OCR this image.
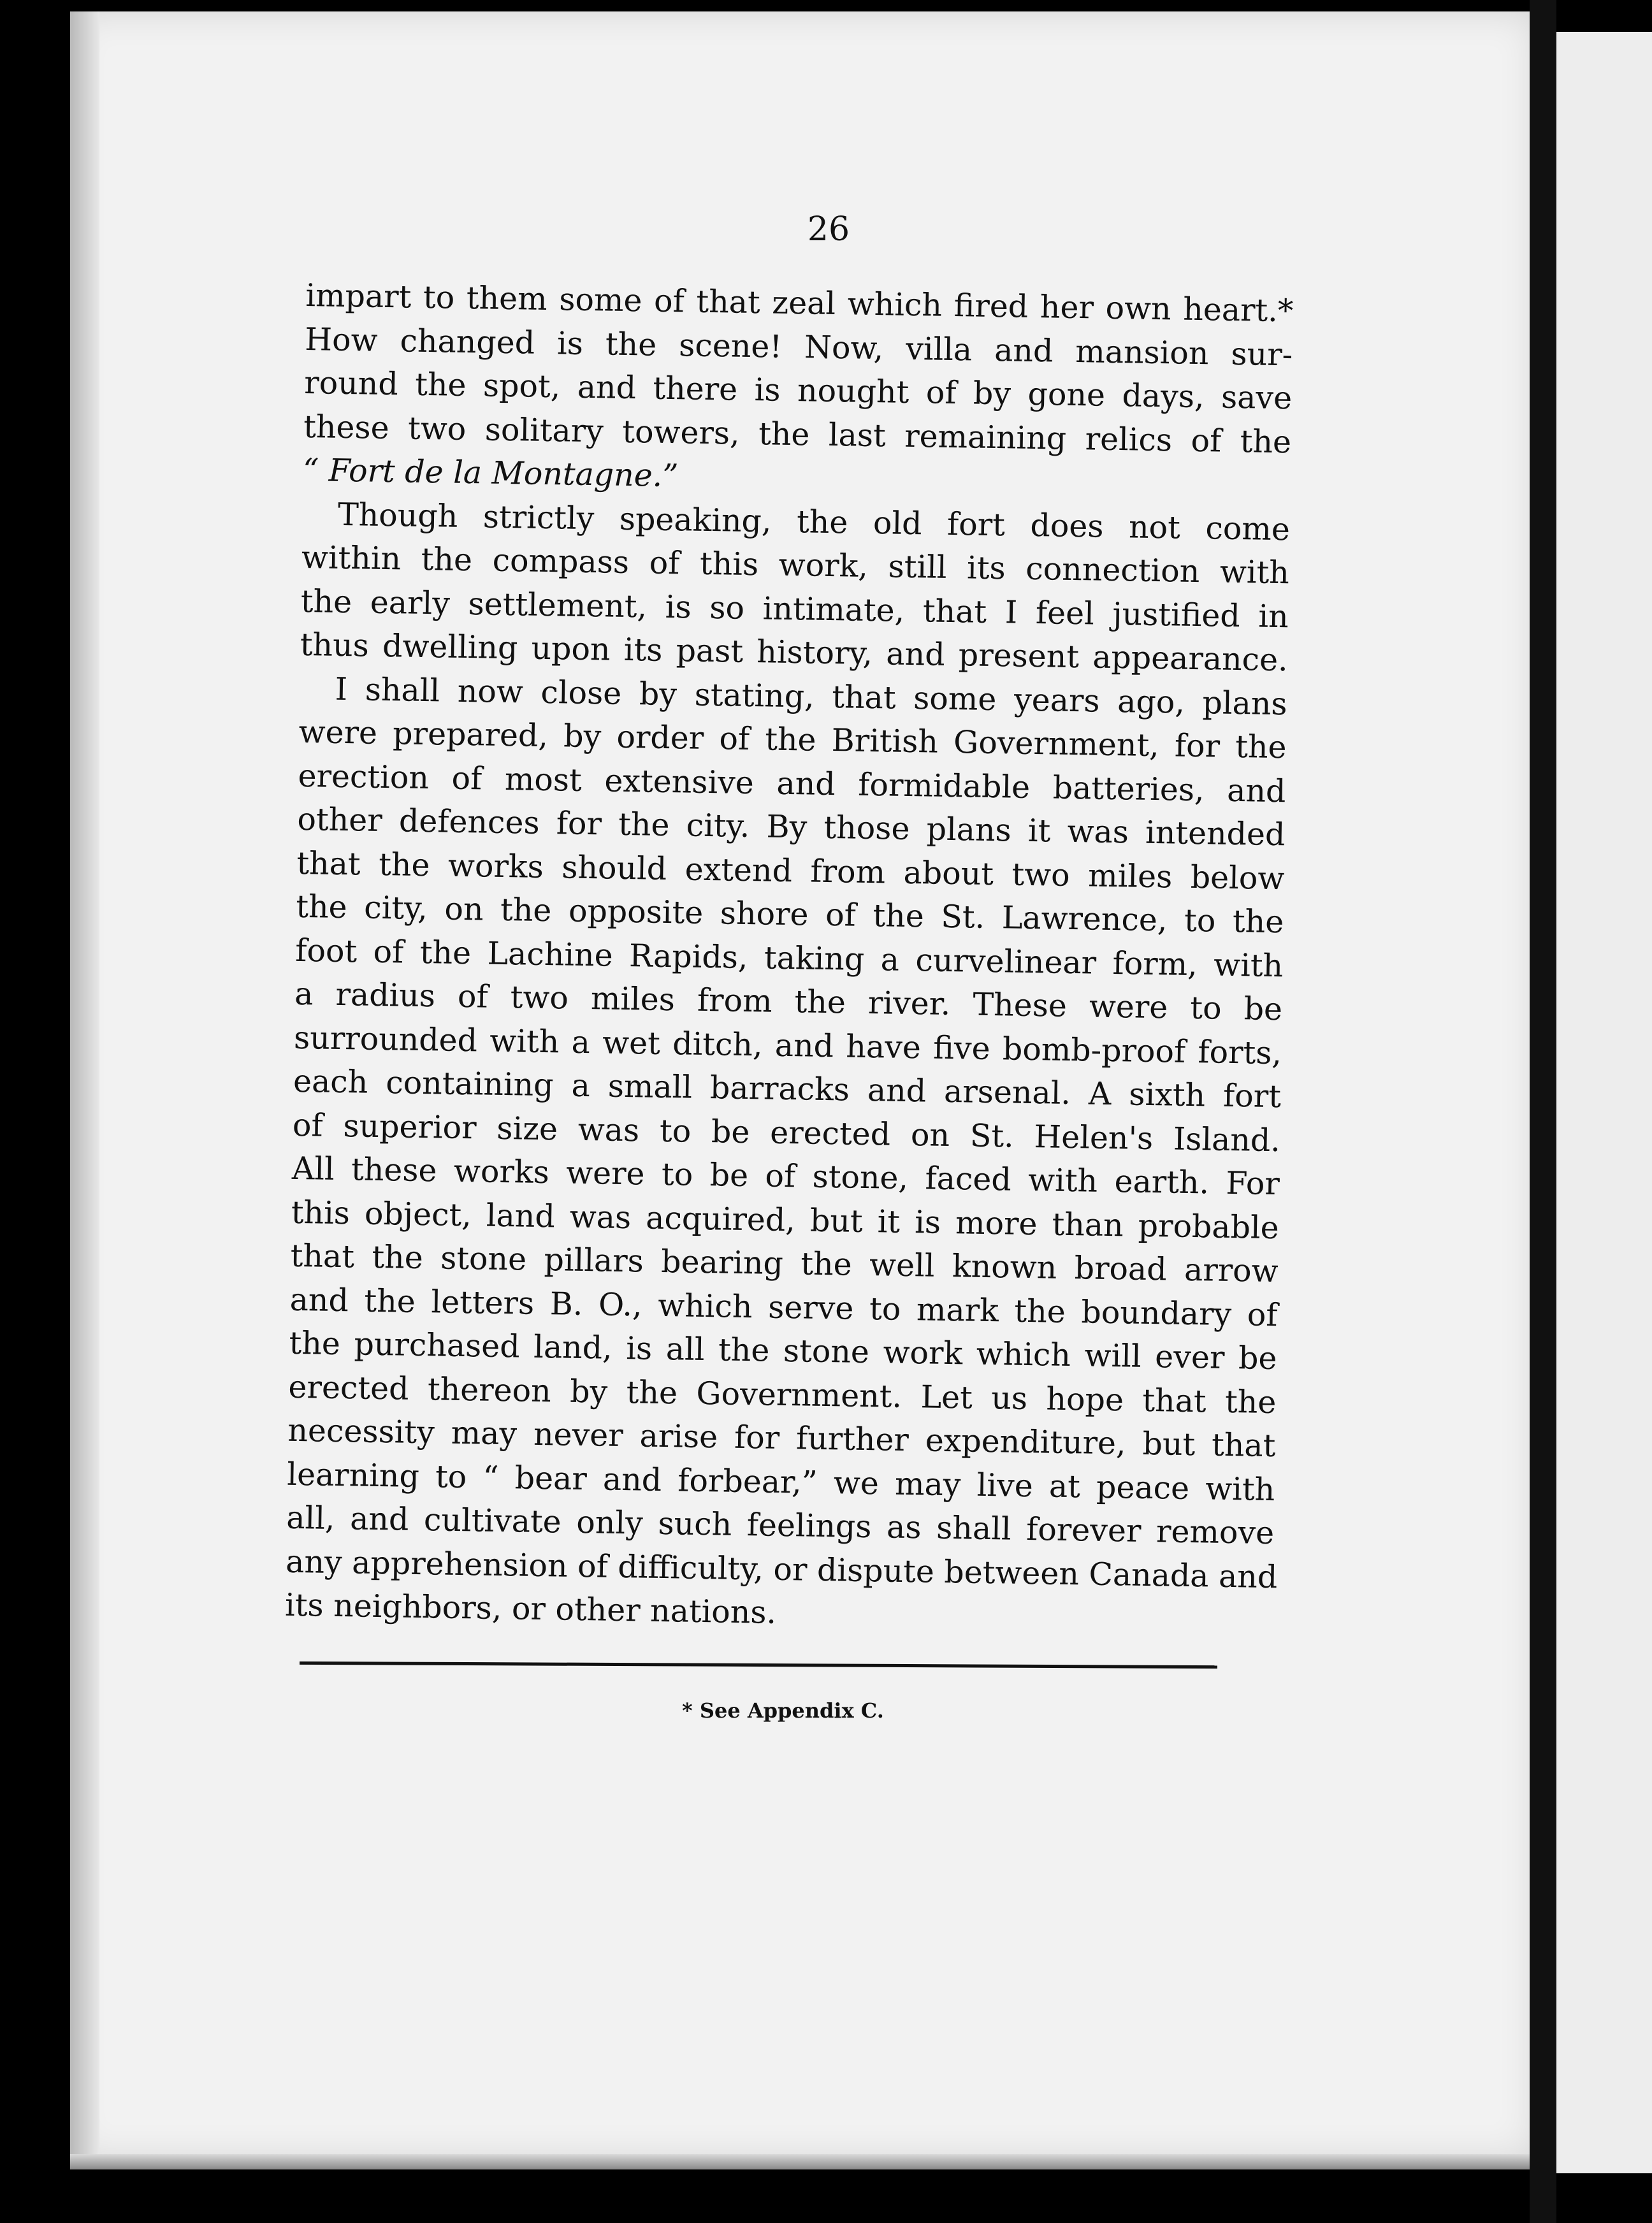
26
impart to them some of that zeal which fired her own heart.*
How changed is the scene! Now, villa and mansion sur-
round the spot, and there is nought of by gone days, save
these two solitary towers, the last remaining relics of the
“ Fort de la Montagne.”
Though strictly speaking, the old fort does not come
within the compass of this work, still its connection with
the early settlement, is so intimate, that I feel justified in
thus dwelling upon its past history, and present appearance.
I shall now close by stating, that some years ago, plans
were prepared, by order of the British Government, for the
erection of most extensive and formidable batteries, and
other defences for the city. By those plans it was intended
that the works should extend from about two miles below
the city, on the opposite shore of the St. Lawrence, to the
foot of the Lachine Rapids, taking a curvelinear form, with
a radius of two miles from the river. These were to be
surrounded with a wet ditch, and have five bomb-proof forts,
each containing a small barracks and arsenal. A sixth fort
of superior size was to be erected on St. Helen's Island.
All these works were to be of stone, faced with earth. For
this object, land was acquired, but it is more than probable
that the stone pillars bearing the well known broad arrow
and the letters B. O., which serve to mark the boundary of
the purchased land, is all the stone work which will ever be
erected thereon by the Government. Let us hope that the
necessity may never arise for further expenditure, but that
learning to “ bear and forbear,” we may live at peace with
all, and cultivate only such feelings as shall forever remove
any apprehension of difficulty, or dispute between Canada and
its neighbors, or other nations.
* See Appendix C.
